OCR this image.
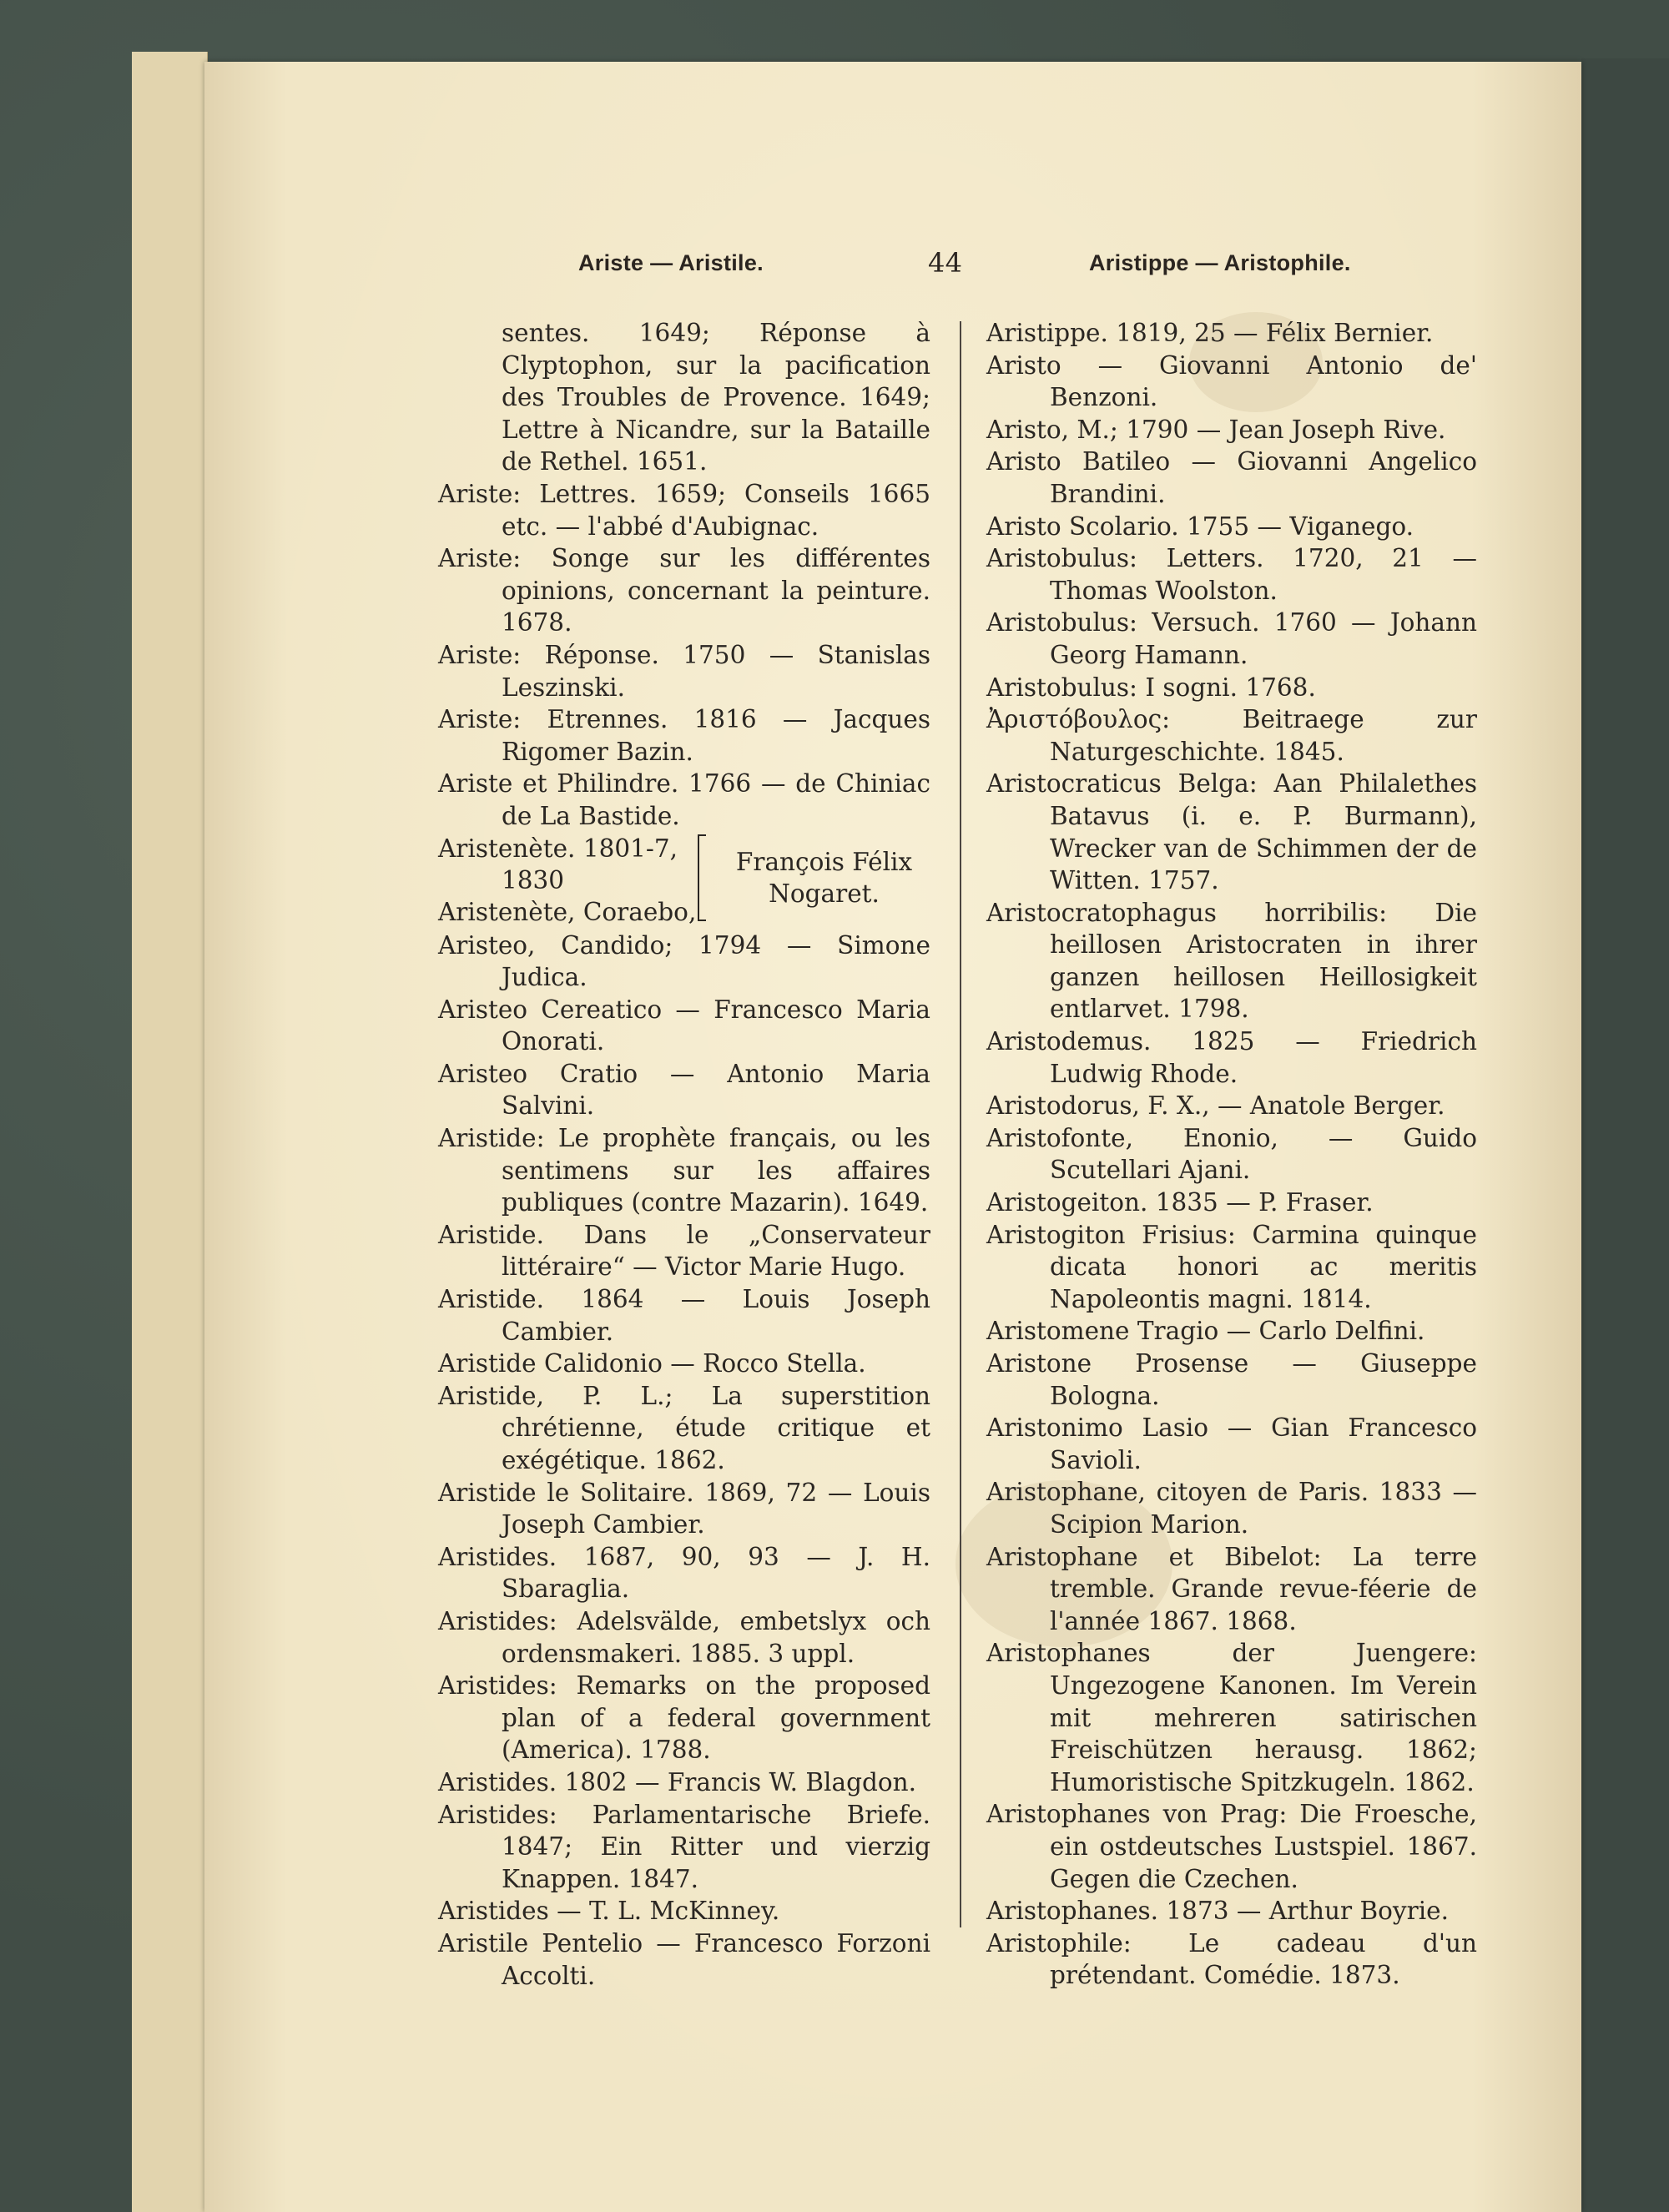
Ariste — Aristile.	44	Aristippe — Aristophile.

sentes. 1649; Réponse à Clyptophon, sur la pacification des Troubles de Provence. 1649; Lettre à Nicandre, sur la Bataille de Rethel. 1651.

Ariste: Lettres. 1659; Conseils 1665 etc. — l'abbé d'Aubignac.

Ariste: Songe sur les différentes opinions, concernant la peinture. 1678.

Ariste: Réponse. 1750 — Stanislas Leszinski.

Ariste: Etrennes. 1816 — Jacques Rigomer Bazin.

Ariste et Philindre. 1766 — de Chiniac de La Bastide.

Aristenète. 1801-7,
1830
Aristenète, Coraebo,
François Félix Nogaret.

Aristeo, Candido; 1794 — Simone Judica.

Aristeo Cereatico — Francesco Maria Onorati.

Aristeo Cratio — Antonio Maria Salvini.

Aristide: Le prophète français, ou les sentimens sur les affaires publiques (contre Mazarin). 1649.

Aristide. Dans le „Conservateur littéraire“ — Victor Marie Hugo.

Aristide. 1864 — Louis Joseph Cambier.

Aristide Calidonio — Rocco Stella.

Aristide, P. L.; La superstition chrétienne, étude critique et exégétique. 1862.

Aristide le Solitaire. 1869, 72 — Louis Joseph Cambier.

Aristides. 1687, 90, 93 — J. H. Sbaraglia.

Aristides: Adelsvälde, embetslyx och ordensmakeri. 1885. 3 uppl.

Aristides: Remarks on the proposed plan of a federal government (America). 1788.

Aristides. 1802 — Francis W. Blagdon.

Aristides: Parlamentarische Briefe. 1847; Ein Ritter und vierzig Knappen. 1847.

Aristides — T. L. McKinney.

Aristile Pentelio — Francesco Forzoni Accolti.

Aristippe. 1819, 25 — Félix Bernier.

Aristo — Giovanni Antonio de' Benzoni.

Aristo, M.; 1790 — Jean Joseph Rive.

Aristo Batileo — Giovanni Angelico Brandini.

Aristo Scolario. 1755 — Viganego.

Aristobulus: Letters. 1720, 21 — Thomas Woolston.

Aristobulus: Versuch. 1760 — Johann Georg Hamann.

Aristobulus: I sogni. 1768.

Ἀριστόβουλος: Beitraege zur Naturgeschichte. 1845.

Aristocraticus Belga: Aan Philalethes Batavus (i. e. P. Burmann), Wrecker van de Schimmen der de Witten. 1757.

Aristocratophagus horribilis: Die heillosen Aristocraten in ihrer ganzen heillosen Heillosigkeit entlarvet. 1798.

Aristodemus. 1825 — Friedrich Ludwig Rhode.

Aristodorus, F. X., — Anatole Berger.

Aristofonte, Enonio, — Guido Scutellari Ajani.

Aristogeiton. 1835 — P. Fraser.

Aristogiton Frisius: Carmina quinque dicata honori ac meritis Napoleontis magni. 1814.

Aristomene Tragio — Carlo Delfini.

Aristone Prosense — Giuseppe Bologna.

Aristonimo Lasio — Gian Francesco Savioli.

Aristophane, citoyen de Paris. 1833 — Scipion Marion.

Aristophane et Bibelot: La terre tremble. Grande revue-féerie de l'année 1867. 1868.

Aristophanes der Juengere: Ungezogene Kanonen. Im Verein mit mehreren satirischen Freischützen herausg. 1862; Humoristische Spitzkugeln. 1862.

Aristophanes von Prag: Die Froesche, ein ostdeutsches Lustspiel. 1867. Gegen die Czechen.

Aristophanes. 1873 — Arthur Boyrie.

Aristophile: Le cadeau d'un prétendant. Comédie. 1873.
